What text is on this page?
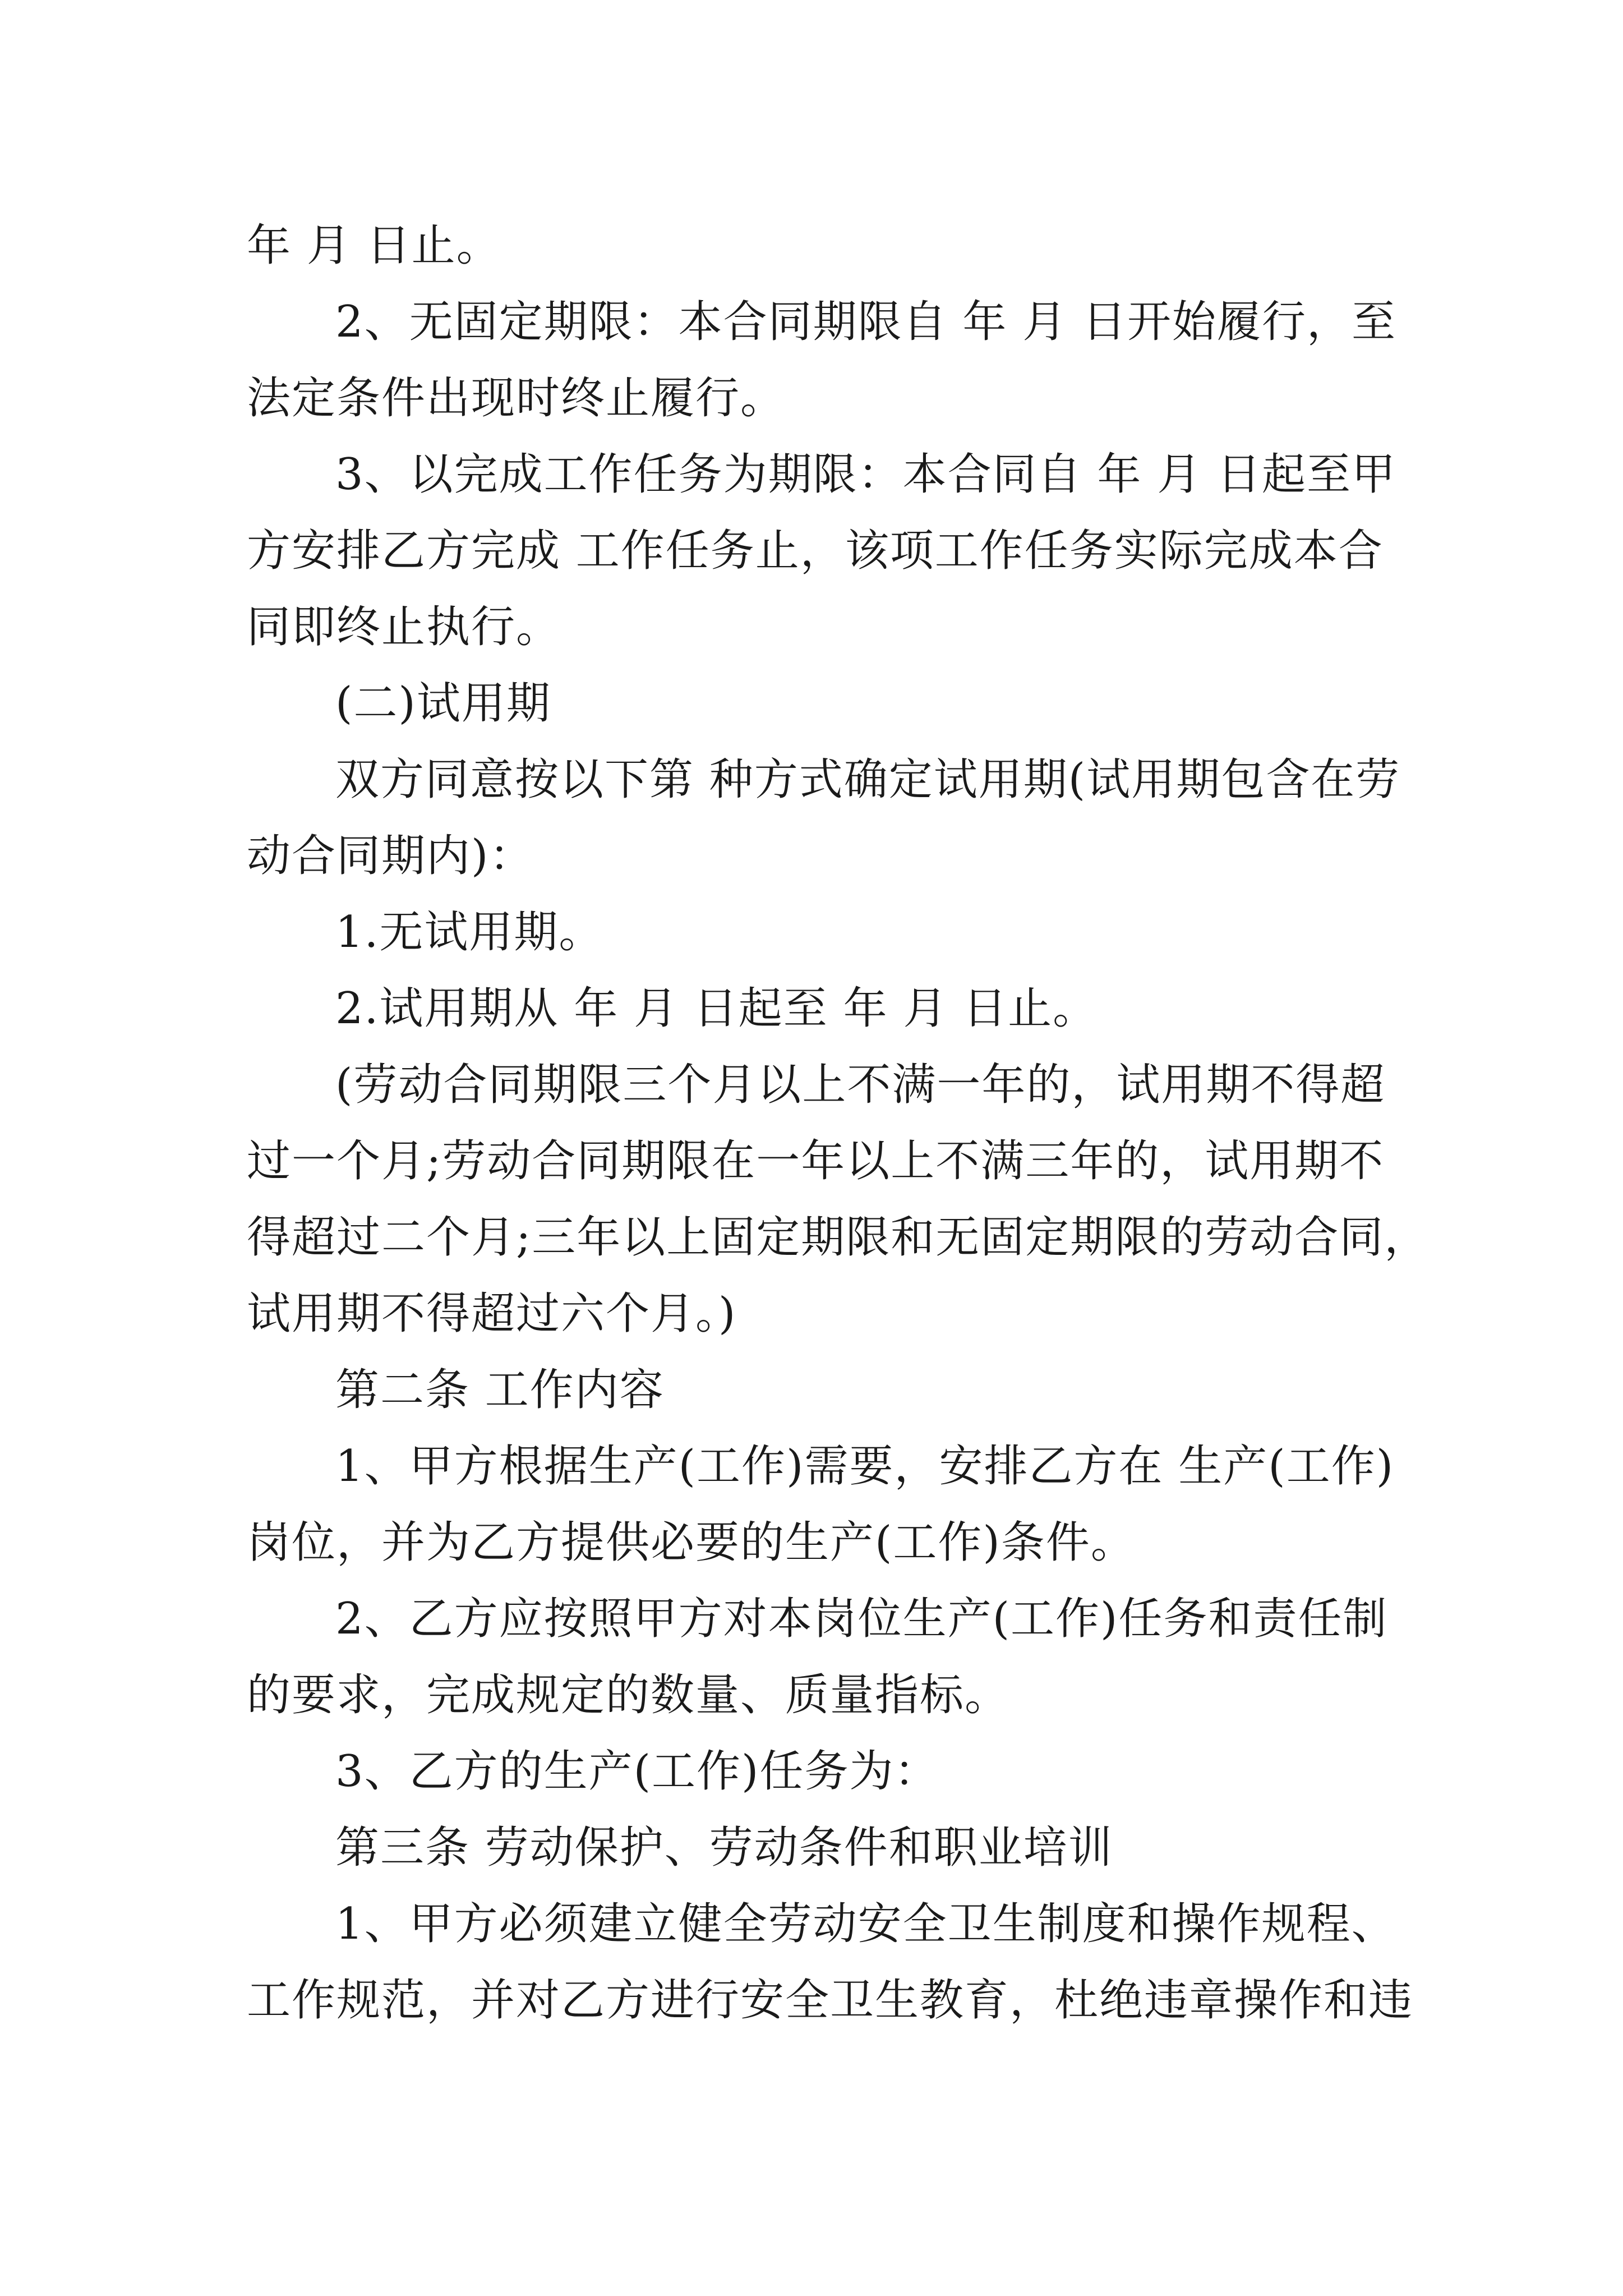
年 月 日止。

2、无固定期限：本合同期限自 年 月 日开始履行，至

法定条件出现时终止履行。

3、以完成工作任务为期限：本合同自 年 月 日起至甲

方安排乙方完成 工作任务止，该项工作任务实际完成本合

同即终止执行。

(二)试用期

双方同意按以下第 种方式确定试用期(试用期包含在劳

动合同期内)：

1.无试用期。

2.试用期从 年 月 日起至 年 月 日止。

(劳动合同期限三个月以上不满一年的，试用期不得超

过一个月;劳动合同期限在一年以上不满三年的，试用期不

得超过二个月;三年以上固定期限和无固定期限的劳动合同，

试用期不得超过六个月。)

第二条 工作内容

1、甲方根据生产(工作)需要，安排乙方在 生产(工作)

岗位，并为乙方提供必要的生产(工作)条件。

2、乙方应按照甲方对本岗位生产(工作)任务和责任制

的要求，完成规定的数量、质量指标。

3、乙方的生产(工作)任务为：

第三条 劳动保护、劳动条件和职业培训

1、甲方必须建立健全劳动安全卫生制度和操作规程、

工作规范，并对乙方进行安全卫生教育，杜绝违章操作和违
